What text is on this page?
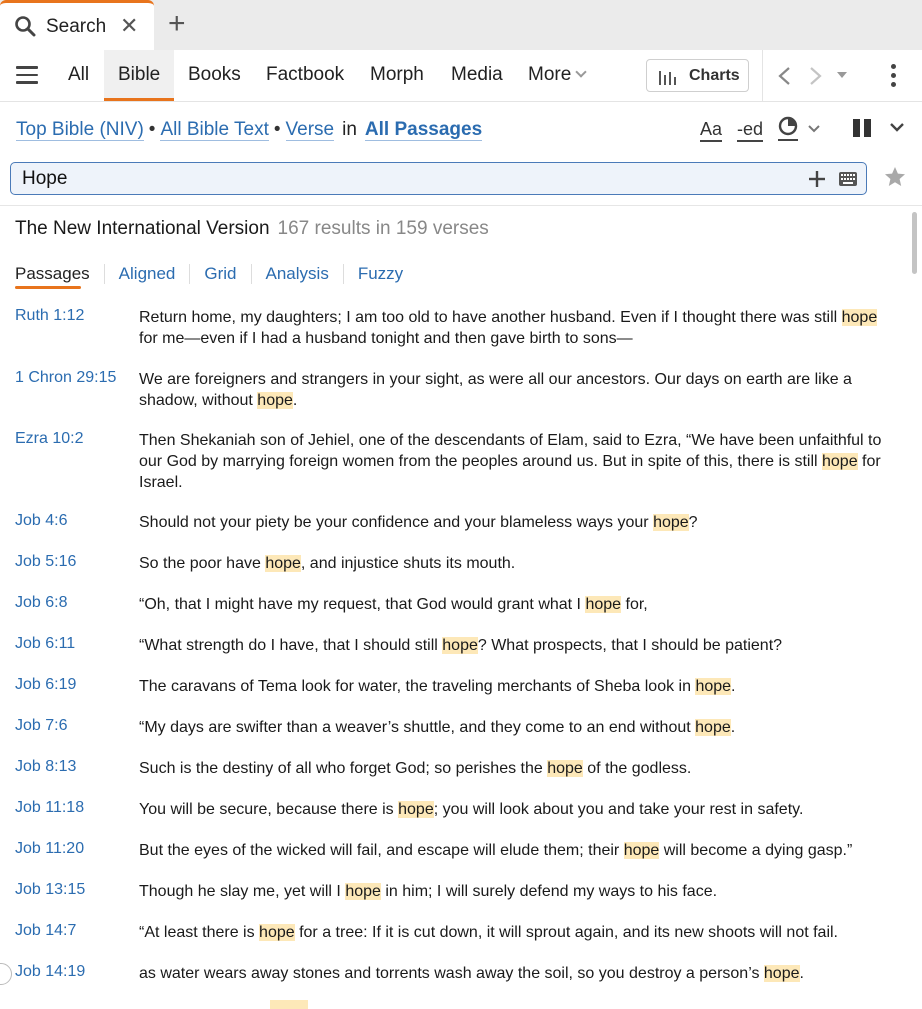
Search ✕ +
All	Bible	Books Factbook Morph Media More	Charts
Top Bible (NIV) • All Bible Text • Verse in All Passages	Aa -ed
Hope
The New International Version 167 results in 159 verses
Passages Aligned Grid Analysis Fuzzy
Ruth 1:12	Return home, my daughters; I am too old to have another husband. Even if I thought there was still hope for me—even if I had a husband tonight and then gave birth to sons—
1 Chron 29:15 We are foreigners and strangers in your sight, as were all our ancestors. Our days on earth are like a shadow, without hope.
Ezra 10:2	Then Shekaniah son of Jehiel, one of the descendants of Elam, said to Ezra, “We have been unfaithful to our God by marrying foreign women from the peoples around us. But in spite of this, there is still hope for Israel.
Job 4:6	Should not your piety be your confidence and your blameless ways your hope?
Job 5:16	So the poor have hope, and injustice shuts its mouth.
Job 6:8	“Oh, that I might have my request, that God would grant what I hope for,
Job 6:11	“What strength do I have, that I should still hope? What prospects, that I should be patient?
Job 6:19	The caravans of Tema look for water, the traveling merchants of Sheba look in hope.
Job 7:6	“My days are swifter than a weaver’s shuttle, and they come to an end without hope.
Job 8:13	Such is the destiny of all who forget God; so perishes the hope of the godless.
Job 11:18	You will be secure, because there is hope; you will look about you and take your rest in safety.
Job 11:20	But the eyes of the wicked will fail, and escape will elude them; their hope will become a dying gasp.”
Job 13:15	Though he slay me, yet will I hope in him; I will surely defend my ways to his face.
Job 14:7	“At least there is hope for a tree: If it is cut down, it will sprout again, and its new shoots will not fail.
Job 14:19	as water wears away stones and torrents wash away the soil, so you destroy a person’s hope.
